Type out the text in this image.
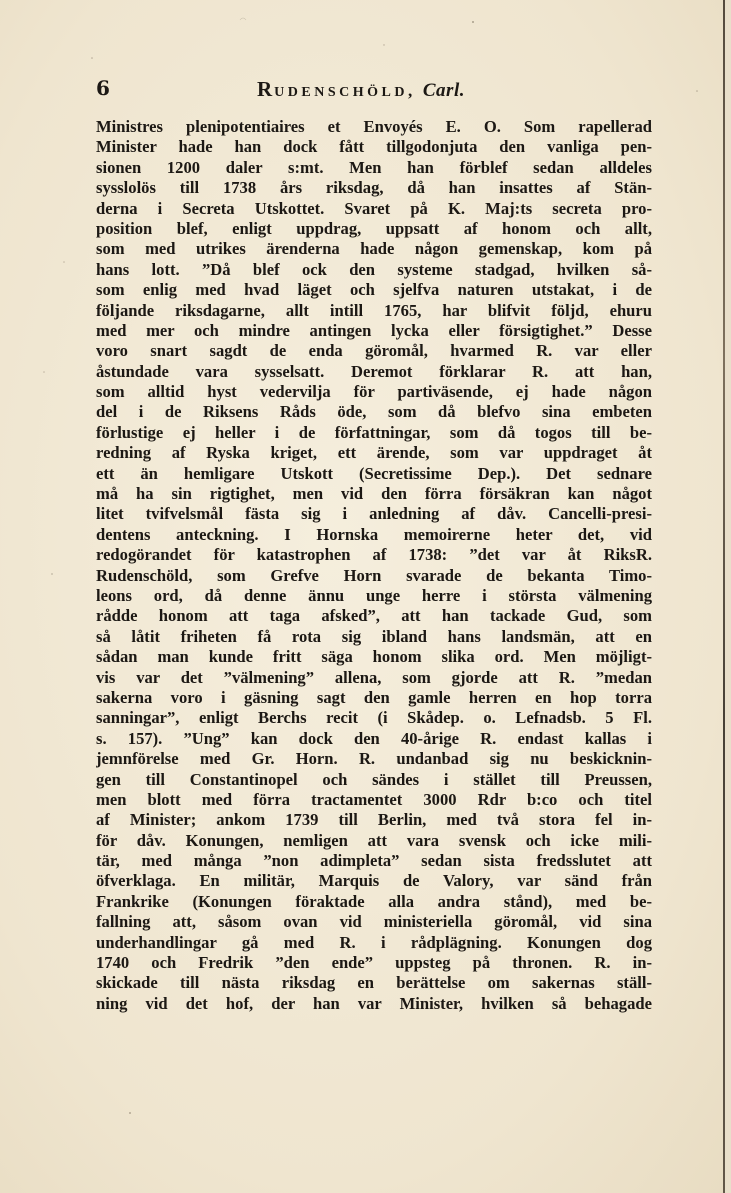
6	RUDENSCHÖLD, Carl.
Ministres plenipotentiaires et Envoyés E. O. Som rapellerad
Minister hade han dock fått tillgodonjuta den vanliga pen-
sionen 1200 daler s:mt. Men han förblef sedan alldeles
sysslolös till 1738 års riksdag, då han insattes af Stän-
derna i Secreta Utskottet. Svaret på K. Maj:ts secreta pro-
position blef, enligt uppdrag, uppsatt af honom och allt,
som med utrikes ärenderna hade någon gemenskap, kom på
hans lott. ”Då blef ock den systeme stadgad, hvilken så-
som enlig med hvad läget och sjelfva naturen utstakat, i de
följande riksdagarne, allt intill 1765, har blifvit följd, ehuru
med mer och mindre antingen lycka eller försigtighet.” Desse
voro snart sagdt de enda göromål, hvarmed R. var eller
åstundade vara sysselsatt. Deremot förklarar R. att han,
som alltid hyst vedervilja för partiväsende, ej hade någon
del i de Riksens Råds öde, som då blefvo sina embeten
förlustige ej heller i de författningar, som då togos till be-
redning af Ryska kriget, ett ärende, som var uppdraget åt
ett än hemligare Utskott (Secretissime Dep.). Det sednare
må ha sin rigtighet, men vid den förra försäkran kan något
litet tvifvelsmål fästa sig i anledning af dåv. Cancelli-presi-
dentens anteckning. I Hornska memoirerne heter det, vid
redogörandet för katastrophen af 1738: ”det var åt RiksR.
Rudenschöld, som Grefve Horn svarade de bekanta Timo-
leons ord, då denne ännu unge herre i största välmening
rådde honom att taga afsked”, att han tackade Gud, som
så låtit friheten få rota sig ibland hans landsmän, att en
sådan man kunde fritt säga honom slika ord. Men möjligt-
vis var det ”välmening” allena, som gjorde att R. ”medan
sakerna voro i gäsning sagt den gamle herren en hop torra
sanningar”, enligt Berchs recit (i Skådep. o. Lefnadsb. 5 Fl.
s. 157). ”Ung” kan dock den 40-årige R. endast kallas i
jemnförelse med Gr. Horn. R. undanbad sig nu beskicknin-
gen till Constantinopel och sändes i stället till Preussen,
men blott med förra tractamentet 3000 Rdr b:co och titel
af Minister; ankom 1739 till Berlin, med två stora fel in-
för dåv. Konungen, nemligen att vara svensk och icke mili-
tär, med många ”non adimpleta” sedan sista fredsslutet att
öfverklaga. En militär, Marquis de Valory, var sänd från
Frankrike (Konungen föraktade alla andra stånd), med be-
fallning att, såsom ovan vid ministeriella göromål, vid sina
underhandlingar gå med R. i rådplägning. Konungen dog
1740 och Fredrik ”den ende” uppsteg på thronen. R. in-
skickade till nästa riksdag en berättelse om sakernas ställ-
ning vid det hof, der han var Minister, hvilken så behagade
